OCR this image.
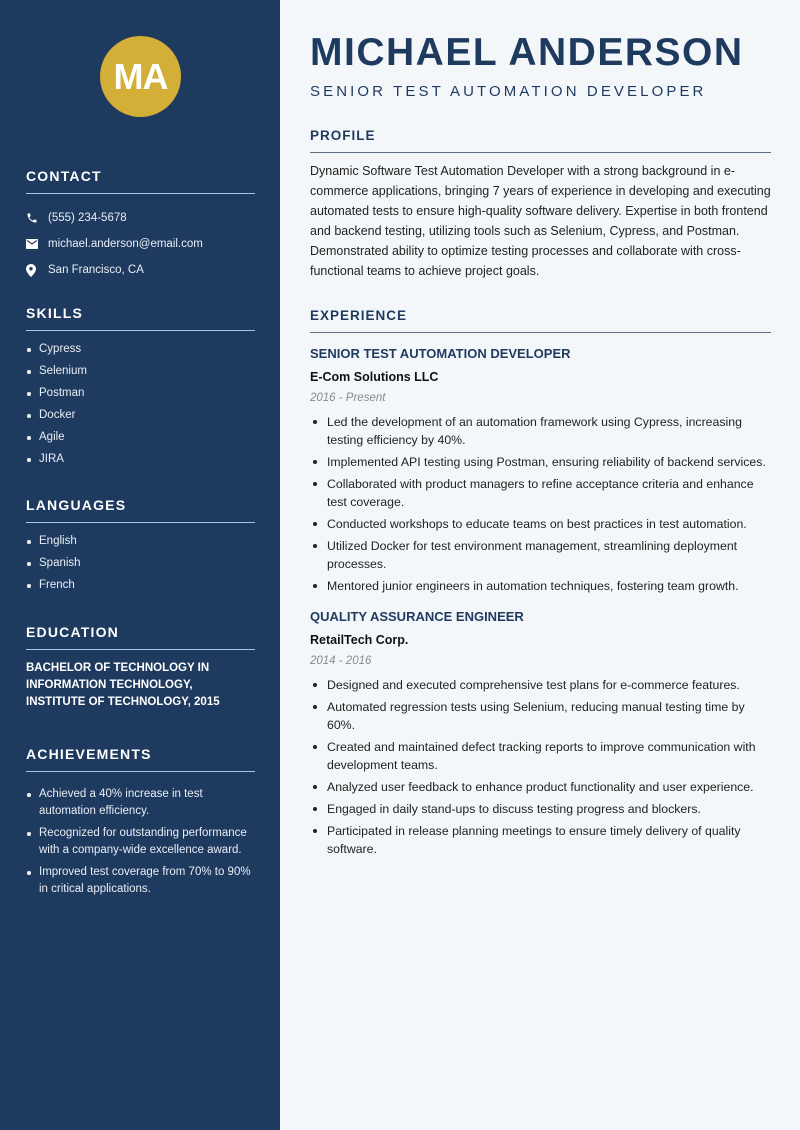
MA
CONTACT
(555) 234-5678
michael.anderson@email.com
San Francisco, CA
SKILLS
Cypress
Selenium
Postman
Docker
Agile
JIRA
LANGUAGES
English
Spanish
French
EDUCATION

BACHELOR OF TECHNOLOGY IN INFORMATION TECHNOLOGY, INSTITUTE OF TECHNOLOGY, 2015

ACHIEVEMENTS
Achieved a 40% increase in test automation efficiency.
Recognized for outstanding performance with a company-wide excellence award.
Improved test coverage from 70% to 90% in critical applications.
MICHAEL ANDERSON
SENIOR TEST AUTOMATION DEVELOPER
PROFILE

Dynamic Software Test Automation Developer with a strong background in e-commerce applications, bringing 7 years of experience in developing and executing automated tests to ensure high-quality software delivery. Expertise in both frontend and backend testing, utilizing tools such as Selenium, Cypress, and Postman. Demonstrated ability to optimize testing processes and collaborate with cross-functional teams to achieve project goals.

EXPERIENCE
SENIOR TEST AUTOMATION DEVELOPER
E-Com Solutions LLC
2016 - Present
Led the development of an automation framework using Cypress, increasing testing efficiency by 40%.
Implemented API testing using Postman, ensuring reliability of backend services.
Collaborated with product managers to refine acceptance criteria and enhance test coverage.
Conducted workshops to educate teams on best practices in test automation.
Utilized Docker for test environment management, streamlining deployment processes.
Mentored junior engineers in automation techniques, fostering team growth.
QUALITY ASSURANCE ENGINEER
RetailTech Corp.
2014 - 2016
Designed and executed comprehensive test plans for e-commerce features.
Automated regression tests using Selenium, reducing manual testing time by 60%.
Created and maintained defect tracking reports to improve communication with development teams.
Analyzed user feedback to enhance product functionality and user experience.
Engaged in daily stand-ups to discuss testing progress and blockers.
Participated in release planning meetings to ensure timely delivery of quality software.
